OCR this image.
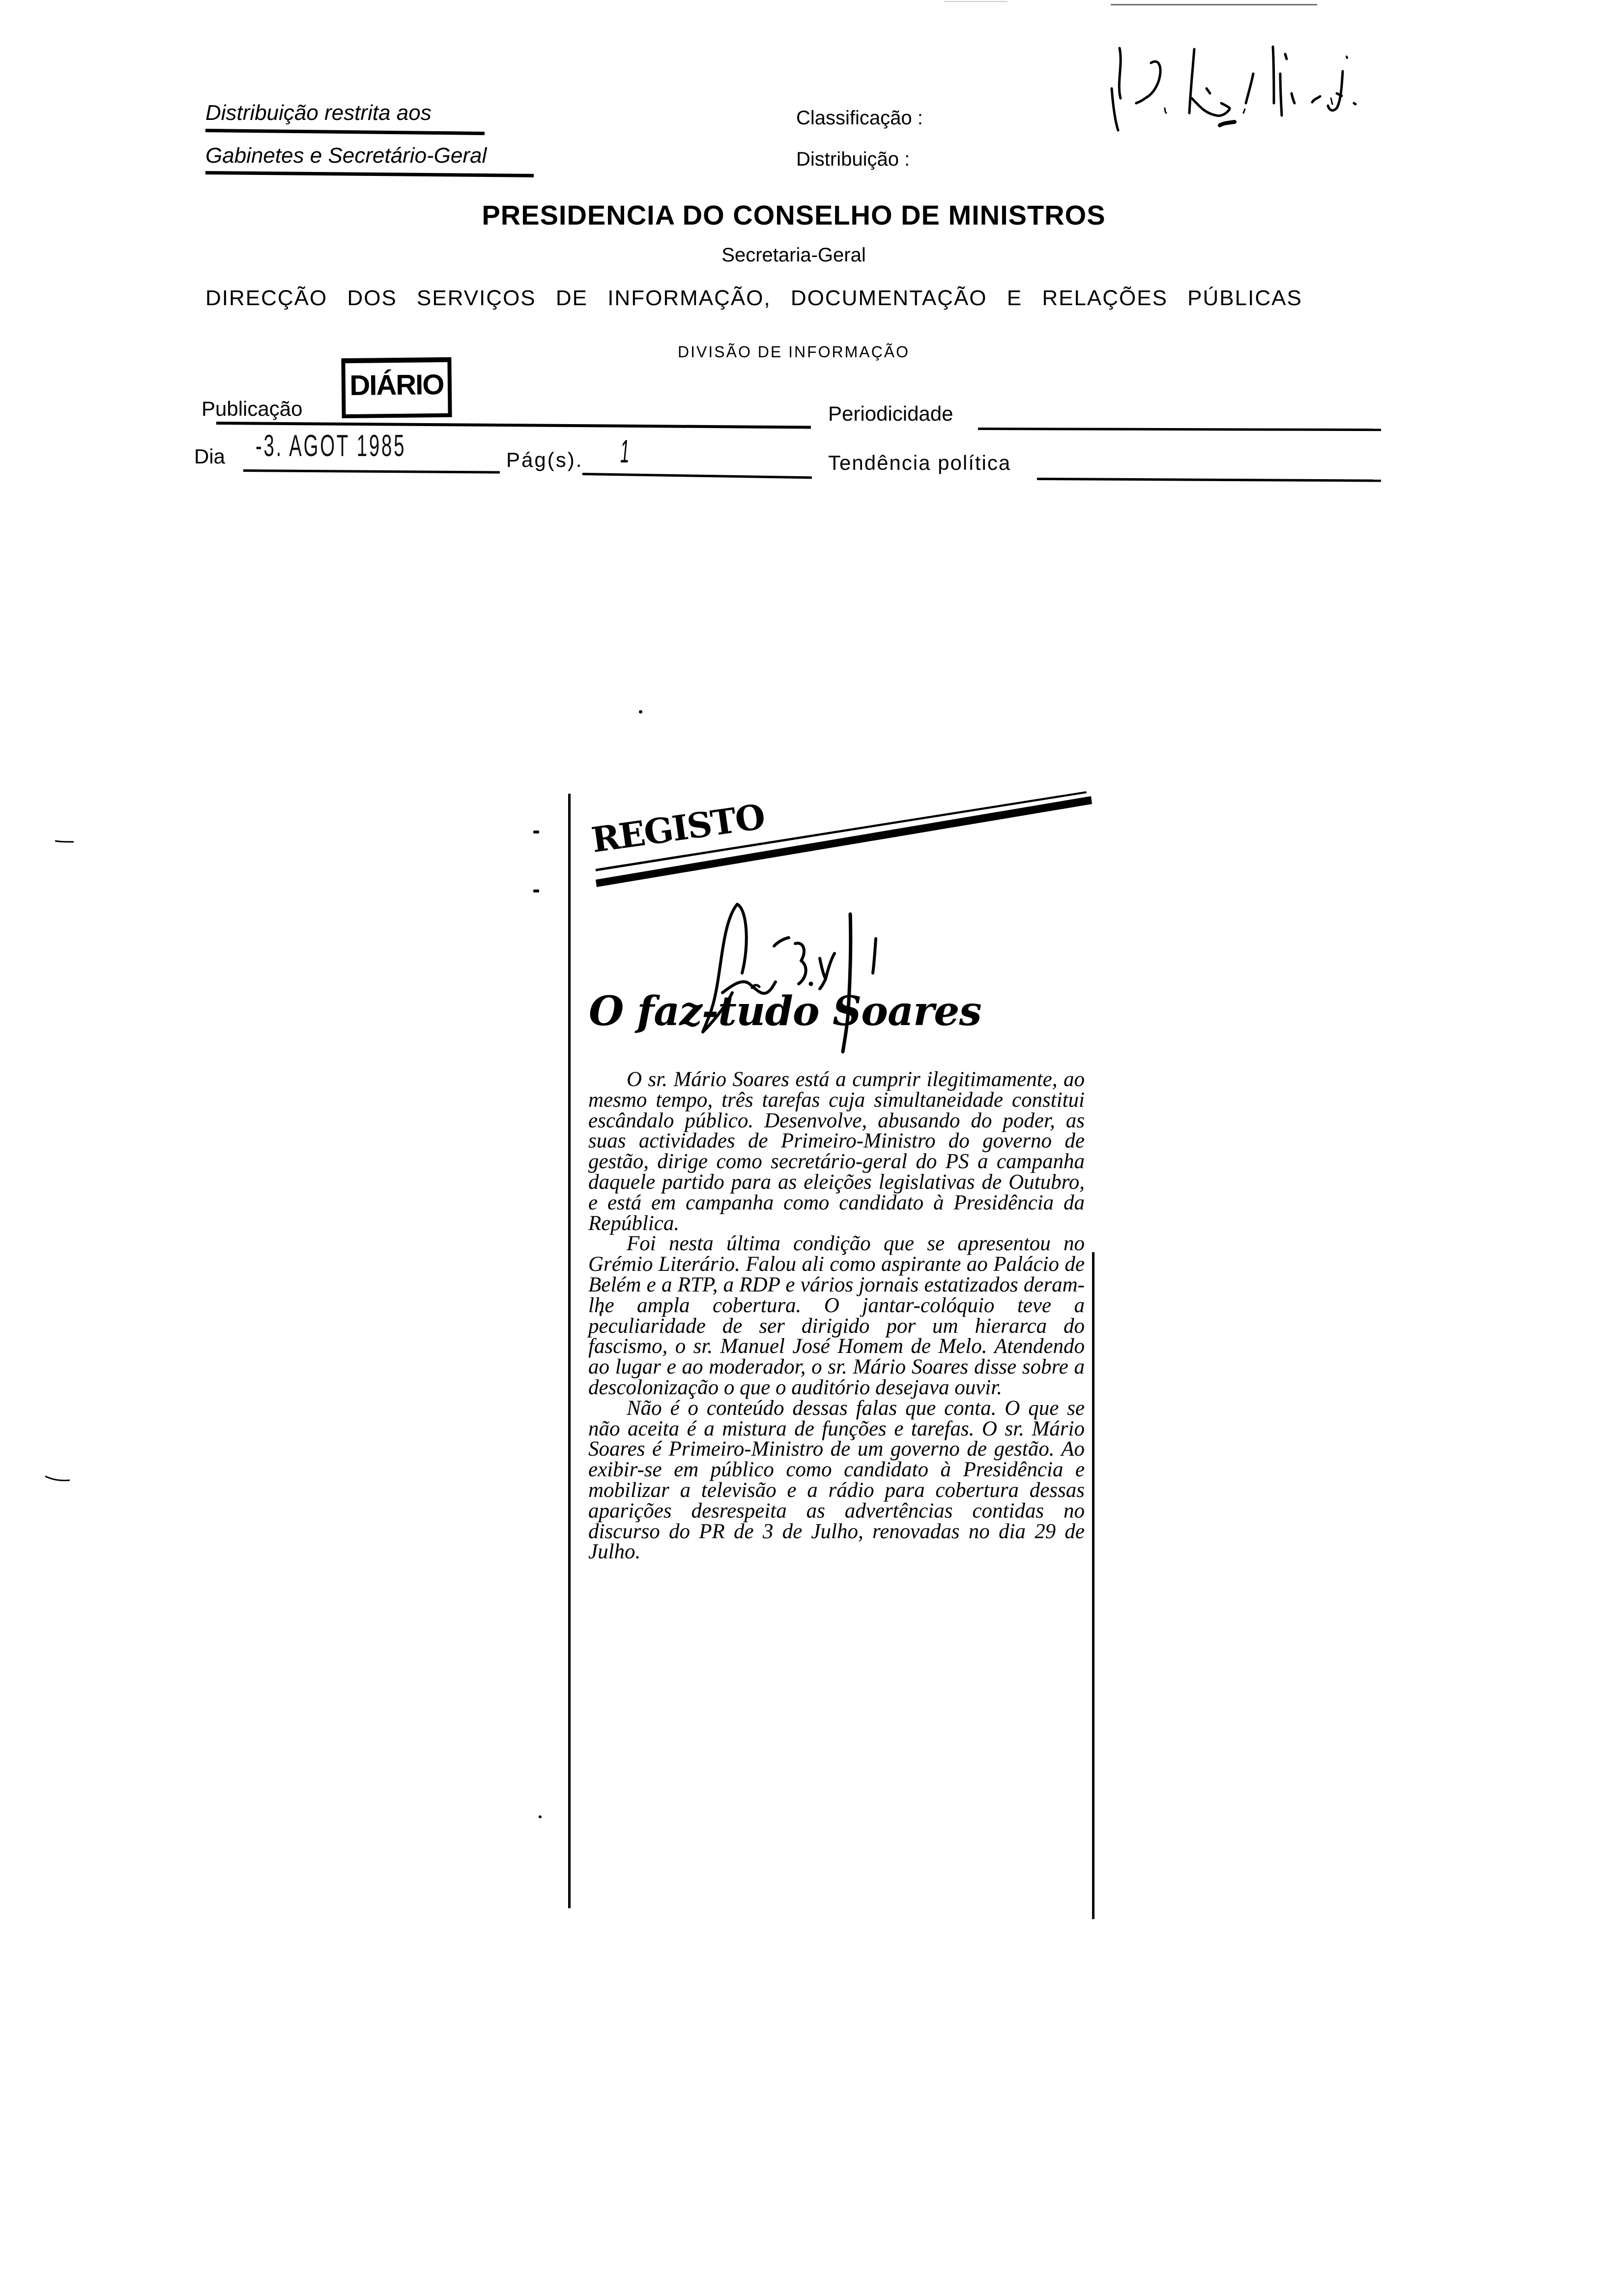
Distribuição restrita aos
Gabinetes e Secretário-Geral
Classificação :
Distribuição :
PRESIDENCIA DO CONSELHO DE MINISTROS
Secretaria-Geral
DIRECÇÃO DOS SERVIÇOS DE INFORMAÇÃO, DOCUMENTAÇÃO E RELAÇÕES PÚBLICAS
DIVISÃO DE INFORMAÇÃO
Publicação
DIÁRIO
Periodicidade
Dia -3. AGOT 1985	Pág(s). 1	Tendência política
REGISTO
O faz-tudo Soares

O sr. Mário Soares está a cumprir ilegitimamente, ao mesmo tempo, três tarefas cuja simultaneidade constitui escândalo público. Desenvolve, abusando do poder, as suas actividades de Primeiro-Ministro do governo de gestão, dirige como secretário-geral do PS a campanha daquele partido para as eleições legislativas de Outubro, e está em campanha como candidato à Presidência da República.

Foi nesta última condição que se apresentou no Grémio Literário. Falou ali como aspirante ao Palácio de Belém e a RTP, a RDP e vários jornais estatizados deram-lhe ampla cobertura. O jantar-colóquio teve a peculiaridade de ser dirigido por um hierarca do fascismo, o sr. Manuel José Homem de Melo. Atendendo ao lugar e ao moderador, o sr. Mário Soares disse sobre a descolonização o que o auditório desejava ouvir.

Não é o conteúdo dessas falas que conta. O que se não aceita é a mistura de funções e tarefas. O sr. Mário Soares é Primeiro-Ministro de um governo de gestão. Ao exibir-se em público como candidato à Presidência e mobilizar a televisão e a rádio para cobertura dessas aparições desrespeita as advertências contidas no discurso do PR de 3 de Julho, renovadas no dia 29 de Julho.
